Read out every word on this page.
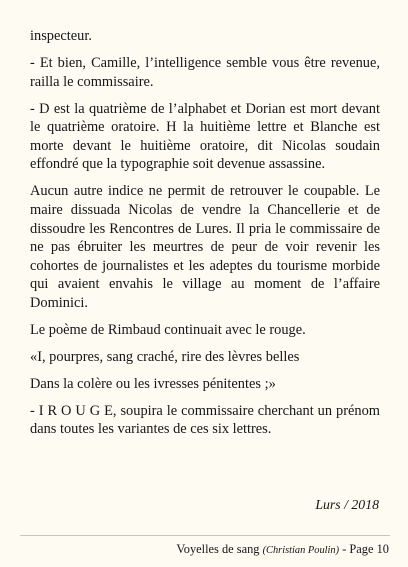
inspecteur.

- Et bien, Camille, l’intelligence semble vous être revenue, railla le commissaire.

- D est la quatrième de l’alphabet et Dorian est mort devant le quatrième oratoire. H la huitième lettre et Blanche est morte devant le huitième oratoire, dit Nicolas soudain effondré que la typographie soit devenue assassine.

Aucun autre indice ne permit de retrouver le coupable. Le maire dissuada Nicolas de vendre la Chancellerie et de dissoudre les Rencontres de Lures. Il pria le commissaire de ne pas ébruiter les meurtres de peur de voir revenir les cohortes de journalistes et les adeptes du tourisme morbide qui avaient envahis le village au moment de l’affaire Dominici.

Le poème de Rimbaud continuait avec le rouge.

«I, pourpres, sang craché, rire des lèvres belles

Dans la colère ou les ivresses pénitentes ;»

- I R O U G E, soupira le commissaire cherchant un prénom dans toutes les variantes de ces six lettres.

Lurs / 2018

Voyelles de sang (Christian Poulin) - Page 10
